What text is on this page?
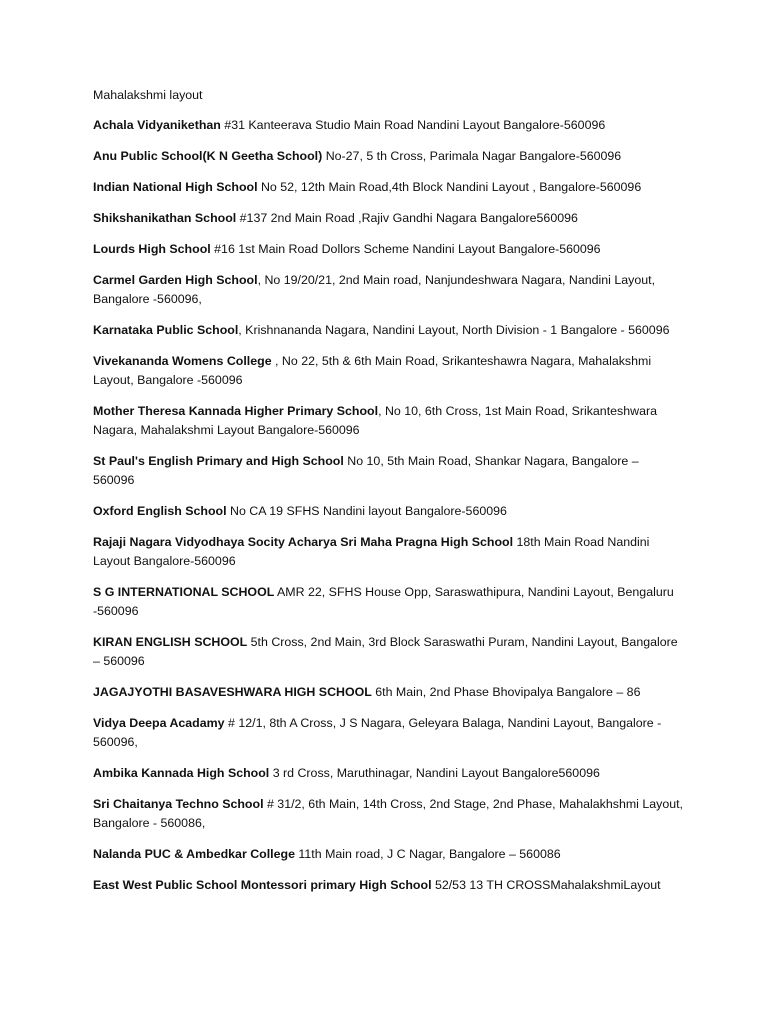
Mahalakshmi layout

Achala Vidyanikethan #31 Kanteerava Studio Main Road Nandini Layout Bangalore-560096

Anu Public School(K N Geetha School) No-27, 5 th Cross, Parimala Nagar Bangalore-560096

Indian National High School No 52, 12th Main Road,4th Block Nandini Layout , Bangalore-560096

Shikshanikathan School #137 2nd Main Road ,Rajiv Gandhi Nagara Bangalore560096

Lourds High School #16 1st Main Road Dollors Scheme Nandini Layout Bangalore-560096

Carmel Garden High School, No 19/20/21, 2nd Main road, Nanjundeshwara Nagara, Nandini Layout, Bangalore -560096,

Karnataka Public School, Krishnananda Nagara, Nandini Layout, North Division - 1 Bangalore - 560096

Vivekananda Womens College , No 22, 5th & 6th Main Road, Srikanteshawra Nagara, Mahalakshmi Layout, Bangalore -560096

Mother Theresa Kannada Higher Primary School, No 10, 6th Cross, 1st Main Road, Srikanteshwara Nagara, Mahalakshmi Layout Bangalore-560096

St Paul's English Primary and High School No 10, 5th Main Road, Shankar Nagara, Bangalore – 560096

Oxford English School No CA 19 SFHS Nandini layout Bangalore-560096

Rajaji Nagara Vidyodhaya Socity Acharya Sri Maha Pragna High School 18th Main Road Nandini Layout Bangalore-560096

S G INTERNATIONAL SCHOOL AMR 22, SFHS House Opp, Saraswathipura, Nandini Layout, Bengaluru -560096

KIRAN ENGLISH SCHOOL 5th Cross, 2nd Main, 3rd Block Saraswathi Puram, Nandini Layout, Bangalore – 560096

JAGAJYOTHI BASAVESHWARA HIGH SCHOOL 6th Main, 2nd Phase Bhovipalya Bangalore – 86

Vidya Deepa Acadamy # 12/1, 8th A Cross, J S Nagara, Geleyara Balaga, Nandini Layout, Bangalore - 560096,

Ambika Kannada High School 3 rd Cross, Maruthinagar, Nandini Layout Bangalore560096

Sri Chaitanya Techno School # 31/2, 6th Main, 14th Cross, 2nd Stage, 2nd Phase, Mahalakhshmi Layout, Bangalore - 560086,

Nalanda PUC & Ambedkar College 11th Main road, J C Nagar, Bangalore – 560086

East West Public School Montessori primary High School 52/53 13 TH CROSSMahalakshmiLayout
